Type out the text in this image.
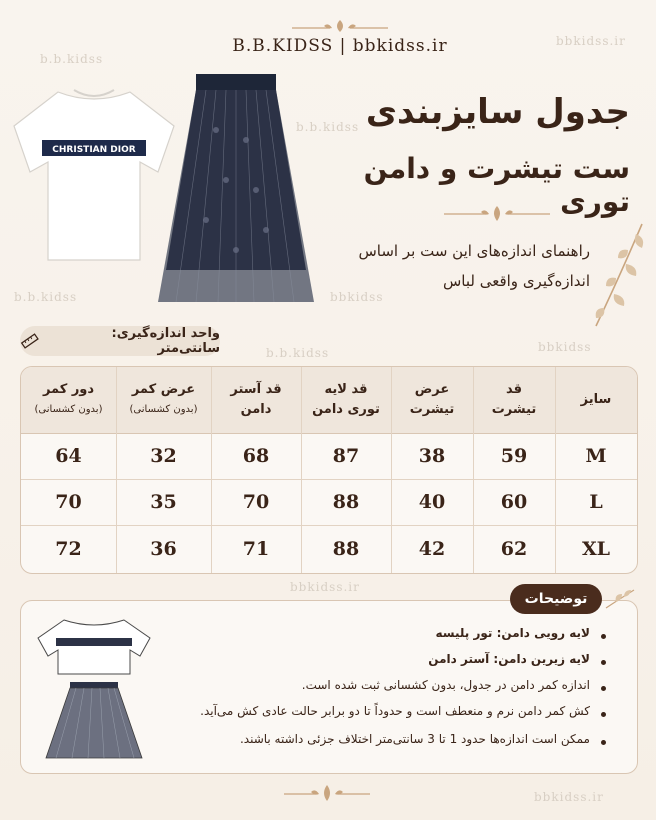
b.b.kidss
bbkidss.ir
b.b.kidss
bbkidss
b.b.kidss
bbkidss
b.b.kidss
bbkidss.ir
bbkidss.ir
B.B.KIDSS | bbkidss.ir
CHRISTIAN DIOR
جدول سایزبندی
ست تیشرت و دامن توری
راهنمای اندازه‌های این ست بر اساس
اندازه‌گیری واقعی لباس
واحد اندازه‌گیری: سانتی‌متر
سایز
قد
تیشرت
عرض
تیشرت
قد لایه
توری دامن
قد آستر
دامن
عرض کمر
(بدون کشسانی)
دور کمر
(بدون کشسانی)
M
59
38
87
68
32
64
L
60
40
88
70
35
70
XL
62
42
88
71
36
72
توضیحات
لایه رویی دامن: تور پلیسه
لایه زیرین دامن: آستر دامن
اندازه کمر دامن در جدول، بدون کشسانی ثبت شده است.
کش کمر دامن نرم و منعطف است و حدوداً تا دو برابر حالت عادی کش می‌آید.
ممکن است اندازه‌ها حدود 1 تا 3 سانتی‌متر اختلاف جزئی داشته باشند.
